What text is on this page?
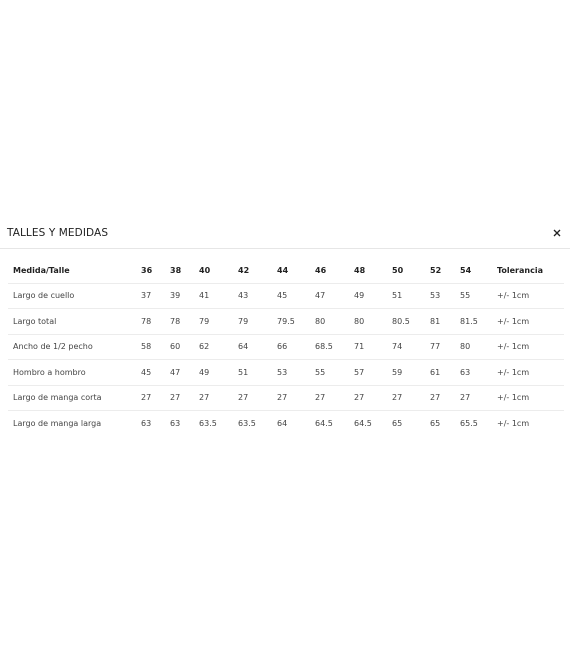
TALLES Y MEDIDAS
Medida/Talle	36	38	40	42	44	46	48	50	52	54	Tolerancia
Largo de cuello	37	39	41	43	45	47	49	51	53	55	+/- 1cm
Largo total	78	78	79	79	79.5	80	80	80.5	81	81.5	+/- 1cm
Ancho de 1/2 pecho	58	60	62	64	66	68.5	71	74	77	80	+/- 1cm
Hombro a hombro	45	47	49	51	53	55	57	59	61	63	+/- 1cm
Largo de manga corta	27	27	27	27	27	27	27	27	27	27	+/- 1cm
Largo de manga larga	63	63	63.5	63.5	64	64.5	64.5	65	65	65.5	+/- 1cm
